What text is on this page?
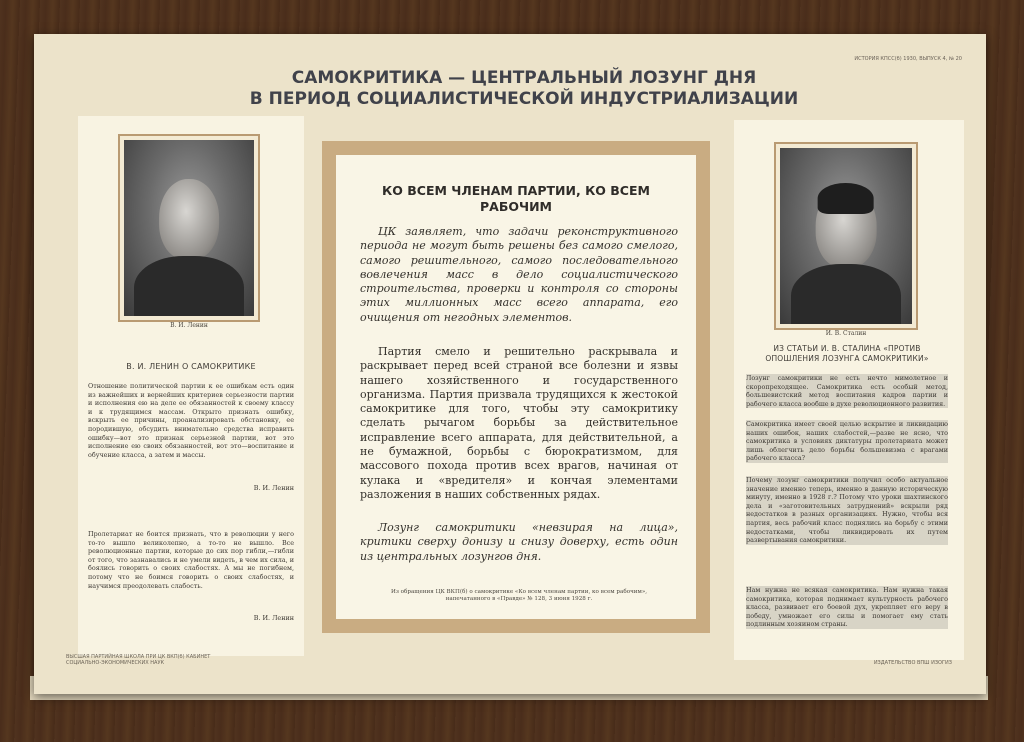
ИСТОРИЯ КПСС(б) 1930, ВЫПУСК 4, № 20
САМОКРИТИКА — ЦЕНТРАЛЬНЫЙ ЛОЗУНГ ДНЯ
В ПЕРИОД СОЦИАЛИСТИЧЕСКОЙ ИНДУСТРИАЛИЗАЦИИ
В. И. Ленин
В. И. ЛЕНИН О САМОКРИТИКЕ
Отношение политической партии к ее ошибкам есть один из важнейших и вернейших критериев серьезности партии и исполнения ею на деле ее обязанностей к своему классу и к трудящимся массам. Открыто признать ошибку, вскрыть ее причины, проанализировать обстановку, ее породившую, обсудить внимательно средства исправить ошибку—вот это признак серьезной партии, вот это исполнение ею своих обязанностей, вот это—воспитание и обучение класса, а затем и массы.
В. И. Ленин
Пролетариат не боится признать, что в революции у него то-то вышло великолепно, а то-то не вышло. Все революционные партии, которые до сих пор гибли,—гибли от того, что зазнавались и не умели видеть, в чем их сила, и боялись говорить о своих слабостях. А мы не погибнем, потому что не боимся говорить о своих слабостях, и научимся преодолевать слабость.
В. И. Ленин
ВЫСШАЯ ПАРТИЙНАЯ ШКОЛА ПРИ ЦК ВКП(б) КАБИНЕТ СОЦИАЛЬНО-ЭКОНОМИЧЕСКИХ НАУК
КО ВСЕМ ЧЛЕНАМ ПАРТИИ, КО ВСЕМ РАБОЧИМ
ЦК заявляет, что задачи реконструктивного периода не могут быть решены без самого смелого, самого решительного, самого последовательного вовлечения масс в дело социалистического строительства, проверки и контроля со стороны этих миллионных масс всего аппарата, его очищения от негодных элементов.
Партия смело и решительно раскрывала и раскрывает перед всей страной все болезни и язвы нашего хозяйственного и государственного организма. Партия призвала трудящихся к жестокой самокритике для того, чтобы эту самокритику сделать рычагом борьбы за действительное исправление всего аппарата, для действительной, а не бумажной, борьбы с бюрократизмом, для массового похода против всех врагов, начиная от кулака и «вредителя» и кончая элементами разложения в наших собственных рядах.
Лозунг самокритики «невзирая на лица», критики сверху донизу и снизу доверху, есть один из центральных лозунгов дня.
Из обращения ЦК ВКП(б) о самокритике «Ко всем членам партии, ко всем рабочим», напечатанного в «Правде» № 128, 3 июня 1928 г.
И. В. Сталин
ИЗ СТАТЬИ И. В. СТАЛИНА «ПРОТИВ ОПОШЛЕНИЯ ЛОЗУНГА САМОКРИТИКИ»
Лозунг самокритики не есть нечто мимолетное и скоропреходящее. Самокритика есть особый метод, большевистский метод воспитания кадров партии и рабочего класса вообше в духе революционного развития.
Самокритика имеет своей целью вскрытие и ликвидацию наших ошибок, наших слабостей,—разве не ясно, что самокритика в условиях диктатуры пролетариата может лишь облегчить дело борьбы большевизма с врагами рабочего класса?
Почему лозунг самокритики получил особо актуальное значение именно теперь, именно в данную историческую минуту, именно в 1928 г.? Потому что уроки шахтинского дела и «заготовительных затруднений» вскрыли ряд недостатков в разных организациях. Нужно, чтобы вся партия, весь рабочий класс поднялись на борьбу с этими недостатками, чтобы ликвидировать их путем развертывания самокритики.
Нам нужна не всякая самокритика. Нам нужна такая самокритика, которая поднимает культурность рабочего класса, развивает его боевой дух, укрепляет его веру в победу, умножает его силы и помогает ему стать подлинным хозяином страны.
ИЗДАТЕЛЬСТВО ВПШ ИЗОГИЗ
